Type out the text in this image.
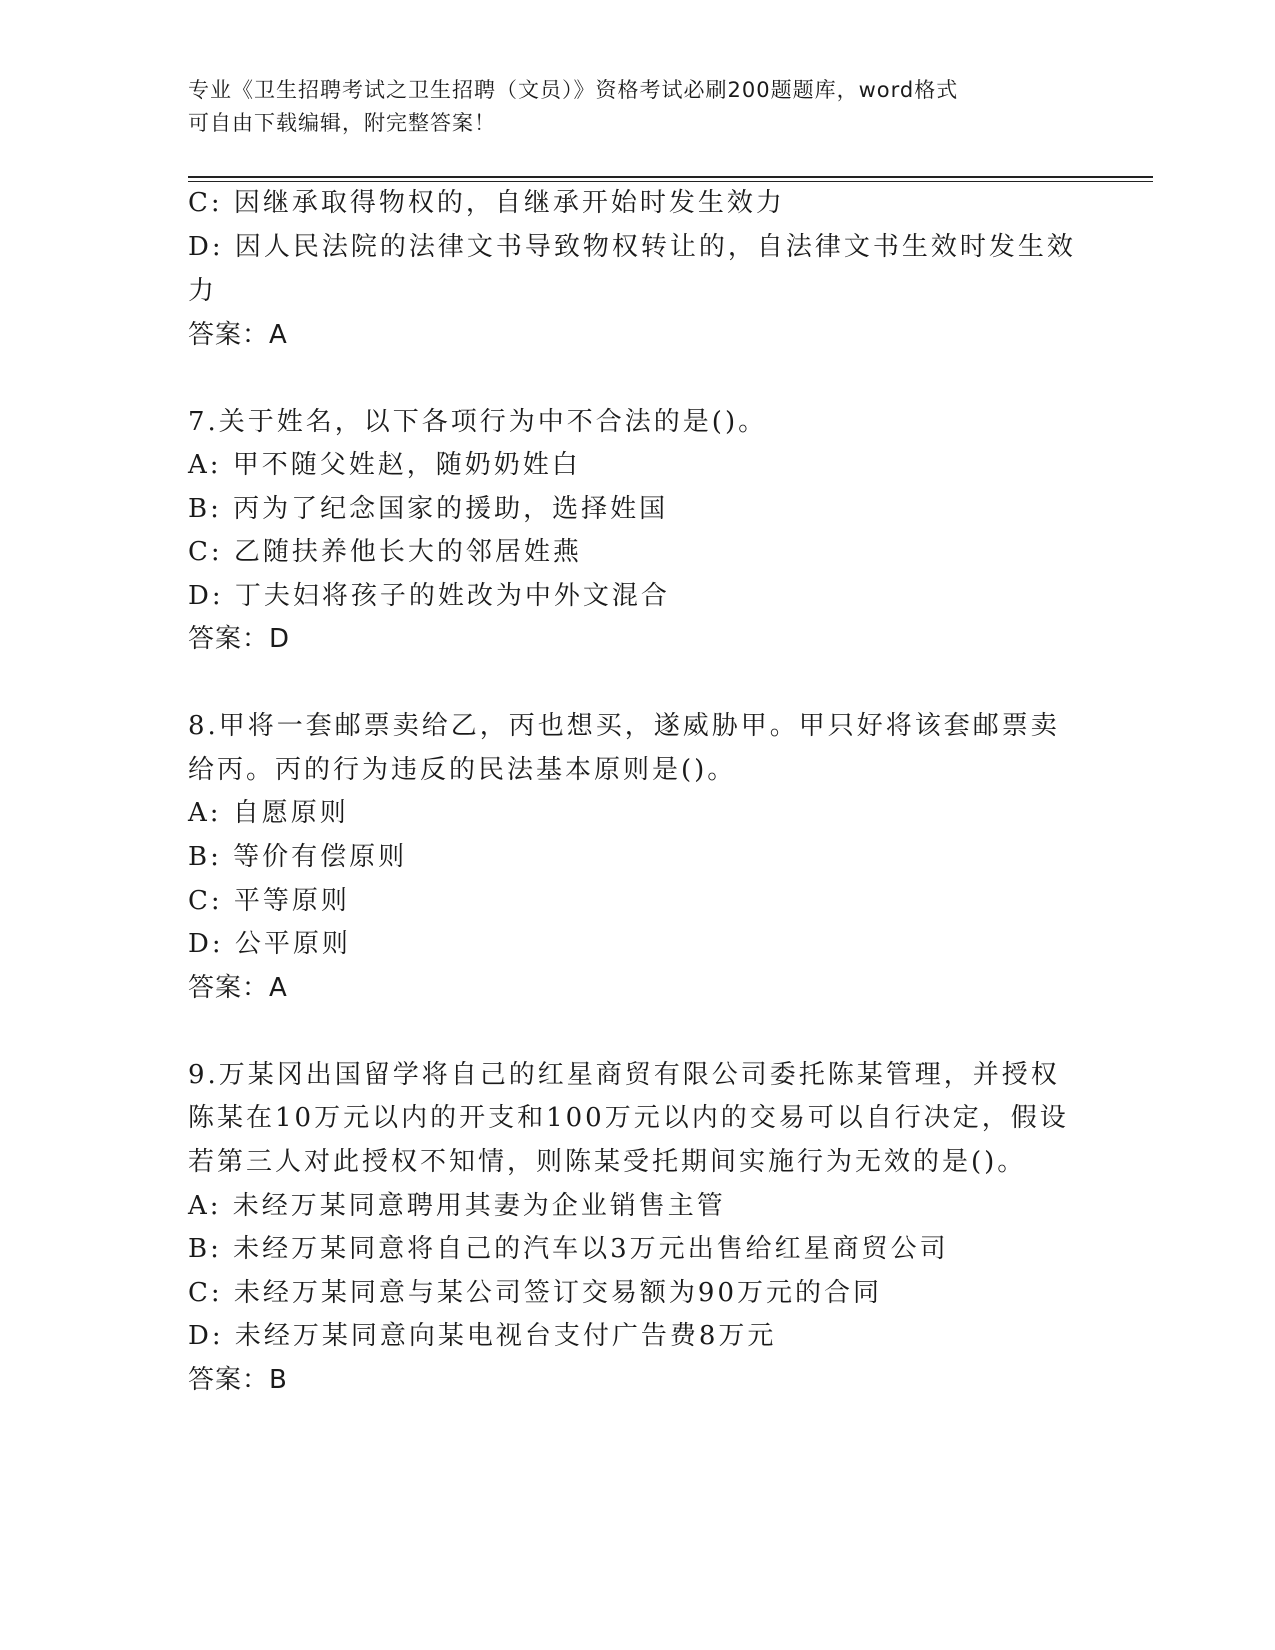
专业《卫生招聘考试之卫生招聘（文员）》资格考试必刷200题题库，word格式
可自由下载编辑，附完整答案！
C: 因继承取得物权的，自继承开始时发生效力
D: 因人民法院的法律文书导致物权转让的，自法律文书生效时发生效
力
答案：A
7.关于姓名，以下各项行为中不合法的是()。
A: 甲不随父姓赵，随奶奶姓白
B: 丙为了纪念国家的援助，选择姓国
C: 乙随扶养他长大的邻居姓燕
D: 丁夫妇将孩子的姓改为中外文混合
答案：D
8.甲将一套邮票卖给乙，丙也想买，遂威胁甲。甲只好将该套邮票卖
给丙。丙的行为违反的民法基本原则是()。
A: 自愿原则
B: 等价有偿原则
C: 平等原则
D: 公平原则
答案：A
9.万某冈出国留学将自己的红星商贸有限公司委托陈某管理，并授权
陈某在10万元以内的开支和100万元以内的交易可以自行决定，假设
若第三人对此授权不知情，则陈某受托期间实施行为无效的是()。
A: 未经万某同意聘用其妻为企业销售主管
B: 未经万某同意将自己的汽车以3万元出售给红星商贸公司
C: 未经万某同意与某公司签订交易额为90万元的合同
D: 未经万某同意向某电视台支付广告费8万元
答案：B
